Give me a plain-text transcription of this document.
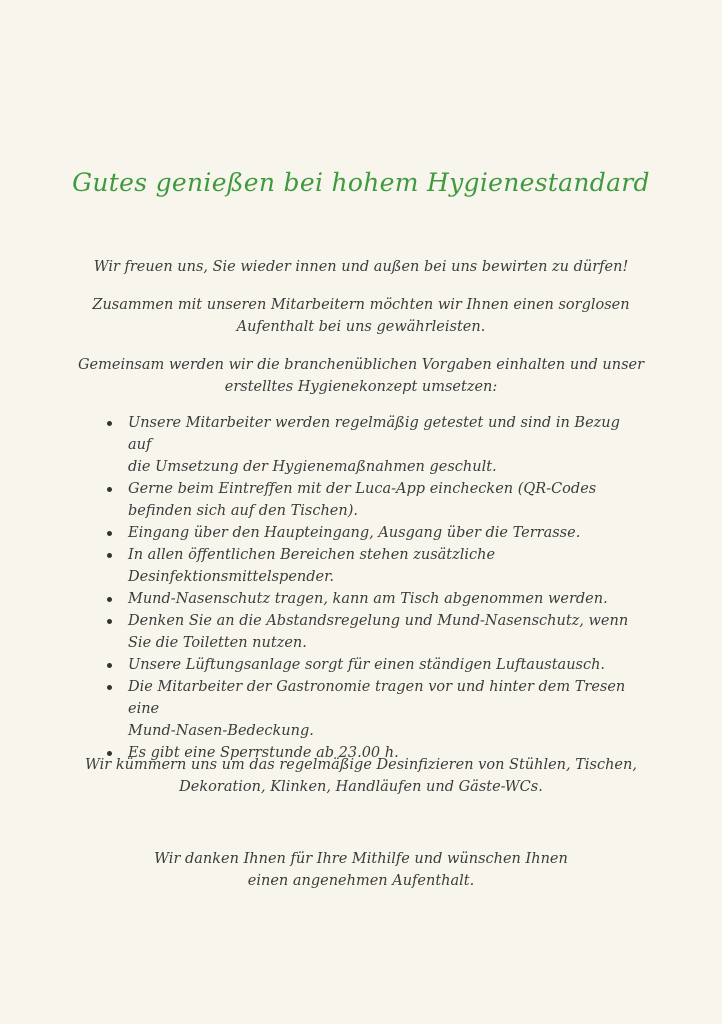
Gutes genießen bei hohem Hygienestandard

Wir freuen uns, Sie wieder innen und außen bei uns bewirten zu dürfen!

Zusammen mit unseren Mitarbeitern möchten wir Ihnen einen sorglosen
Aufenthalt bei uns gewährleisten.

Gemeinsam werden wir die branchenüblichen Vorgaben einhalten und unser
erstelltes Hygienekonzept umsetzen:

Unsere Mitarbeiter werden regelmäßig getestet und sind in Bezug auf
die Umsetzung der Hygienemaßnahmen geschult.
Gerne beim Eintreffen mit der Luca-App einchecken (QR-Codes
befinden sich auf den Tischen).
Eingang über den Haupteingang, Ausgang über die Terrasse.
In allen öffentlichen Bereichen stehen zusätzliche
Desinfektionsmittelspender.
Mund-Nasenschutz tragen, kann am Tisch abgenommen werden.
Denken Sie an die Abstandsregelung und Mund-Nasenschutz, wenn
Sie die Toiletten nutzen.
Unsere Lüftungsanlage sorgt für einen ständigen Luftaustausch.
Die Mitarbeiter der Gastronomie tragen vor und hinter dem Tresen eine
Mund-Nasen-Bedeckung.
Es gibt eine Sperrstunde ab 23.00 h.

Wir kümmern uns um das regelmäßige Desinfizieren von Stühlen, Tischen,
Dekoration, Klinken, Handläufen und Gäste-WCs.

Wir danken Ihnen für Ihre Mithilfe und wünschen Ihnen
einen angenehmen Aufenthalt.
